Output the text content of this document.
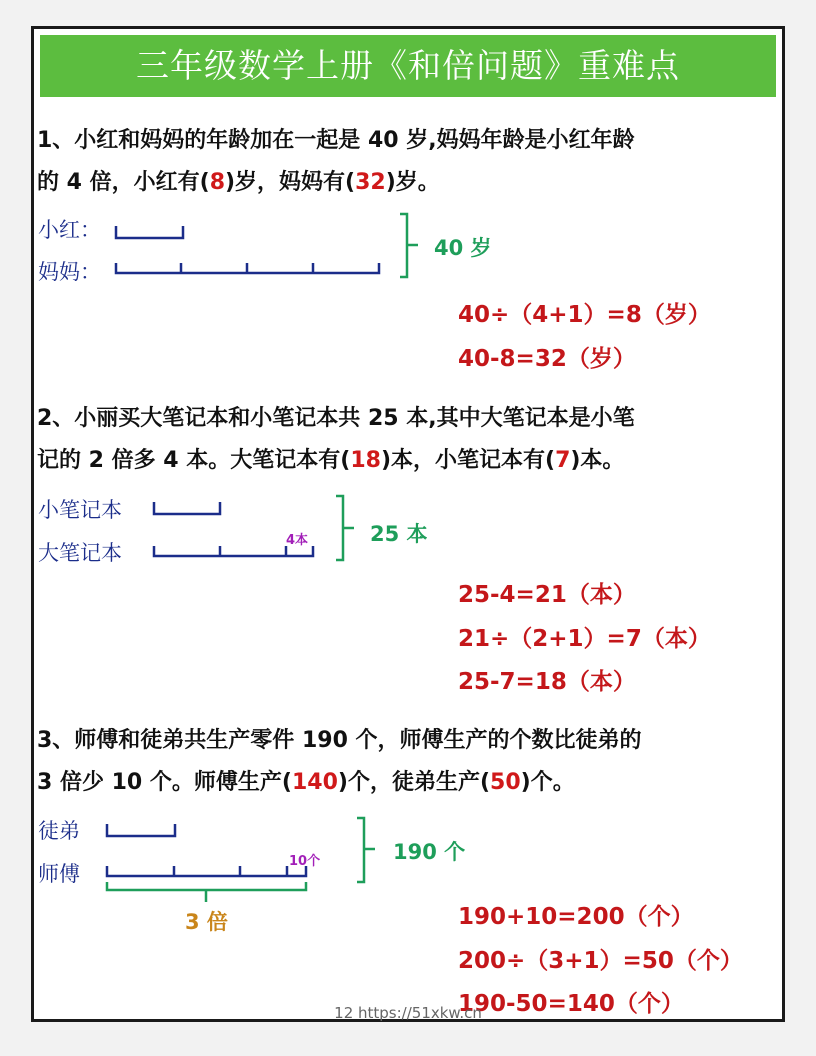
三年级数学上册《和倍问题》重难点
1、小红和妈妈的年龄加在一起是 40 岁,妈妈年龄是小红年龄
的 4 倍，小红有(8)岁，妈妈有(32)岁。
小红：
妈妈：
40 岁
40÷（4+1）=8（岁）
40-8=32（岁）
2、小丽买大笔记本和小笔记本共 25 本,其中大笔记本是小笔
记的 2 倍多 4 本。大笔记本有(18)本，小笔记本有(7)本。
小笔记本
大笔记本
4本	25 本
25-4=21（本）
21÷（2+1）=7（本）
25-7=18（本）
3、师傅和徒弟共生产零件 190 个，师傅生产的个数比徒弟的
3 倍少 10 个。师傅生产(140)个，徒弟生产(50)个。
徒弟
师傅
10个	190 个
3 倍	190+10=200（个）
200÷（3+1）=50（个）
190-50=140（个）
12 https://51xkw.cn
